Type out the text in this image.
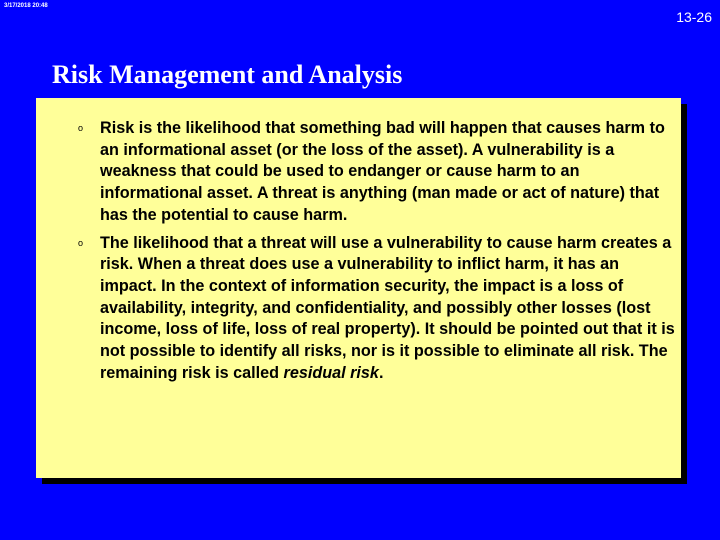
3/17/2018 20:48
13-26
Risk Management and Analysis
o Risk is the likelihood that something bad will happen that causes harm to an informational asset (or the loss of the asset). A vulnerability is a weakness that could be used to endanger or cause harm to an informational asset. A threat is anything (man made or act of nature) that has the potential to cause harm.
o The likelihood that a threat will use a vulnerability to cause harm creates a risk. When a threat does use a vulnerability to inflict harm, it has an impact. In the context of information security, the impact is a loss of availability, integrity, and confidentiality, and possibly other losses (lost income, loss of life, loss of real property). It should be pointed out that it is not possible to identify all risks, nor is it possible to eliminate all risk. The remaining risk is called residual risk.
